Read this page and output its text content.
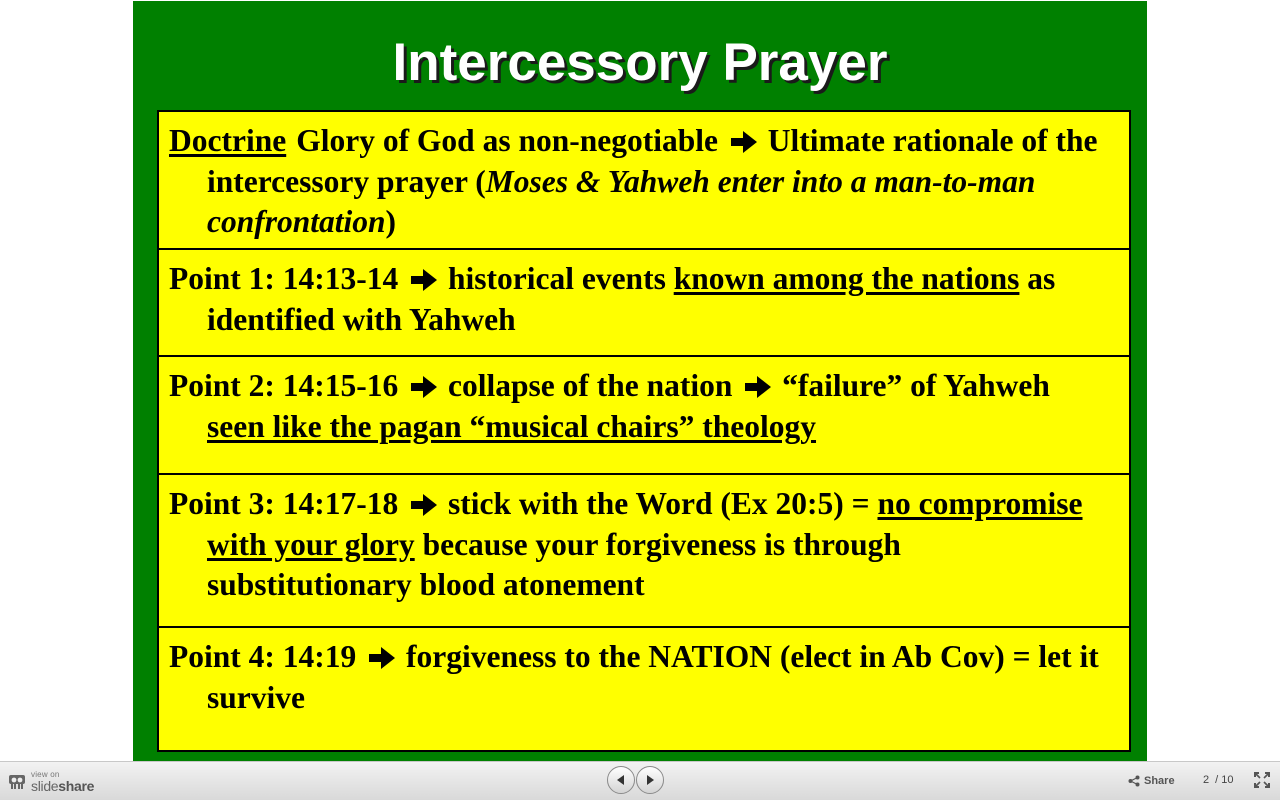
Intercessory Prayer

Doctrine Glory of God as non-negotiable  Ultimate rationale of the intercessory prayer (Moses & Yahweh enter into a man-to-man confrontation)

Point 1: 14:13-14  historical events known among the nations as identified with Yahweh

Point 2: 14:15-16  collapse of the nation  “failure” of Yahweh seen like the pagan “musical chairs” theology

Point 3: 14:17-18  stick with the Word (Ex 20:5) = no compromise with your glory because your forgiveness is through substitutionary blood atonement

Point 4: 14:19  forgiveness to the NATION (elect in Ab Cov) = let it survive

view on
slideshare	Share	2 / 10
